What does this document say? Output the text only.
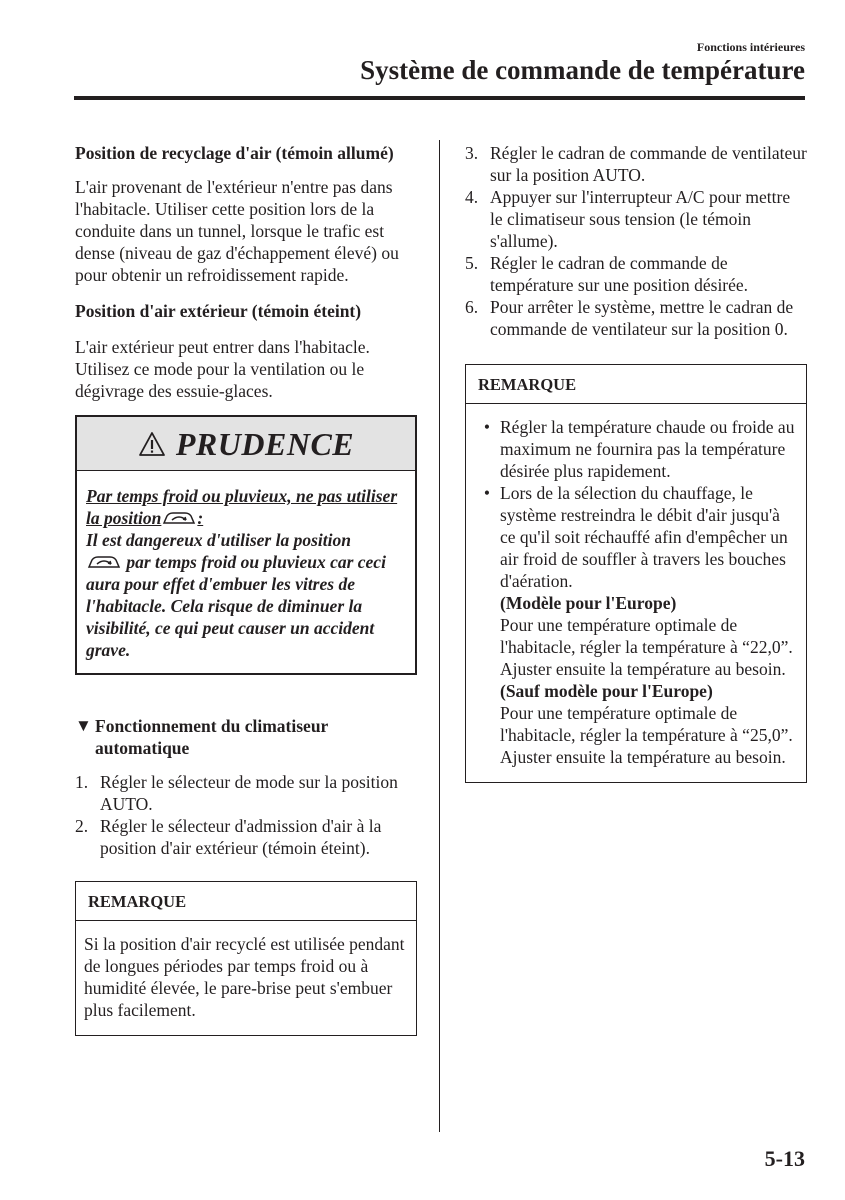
Fonctions intérieures
Système de commande de température

Position de recyclage d'air (témoin allumé)

L'air provenant de l'extérieur n'entre pas dans l'habitacle. Utiliser cette position lors de la conduite dans un tunnel, lorsque le trafic est dense (niveau de gaz d'échappement élevé) ou pour obtenir un refroidissement rapide.

Position d'air extérieur (témoin éteint)

L'air extérieur peut entrer dans l'habitacle. Utilisez ce mode pour la ventilation ou le dégivrage des essuie-glaces.

PRUDENCE

Par temps froid ou pluvieux, ne pas utiliser la position :

Il est dangereux d'utiliser la position
par temps froid ou pluvieux car ceci aura pour effet d'embuer les vitres de l'habitacle. Cela risque de diminuer la visibilité, ce qui peut causer un accident grave.

▼ Fonctionnement du climatiseur automatique
1. Régler le sélecteur de mode sur la position AUTO.
2. Régler le sélecteur d'admission d'air à la position d'air extérieur (témoin éteint).
REMARQUE
Si la position d'air recyclé est utilisée pendant de longues périodes par temps froid ou à humidité élevée, le pare-brise peut s'embuer plus facilement.
3. Régler le cadran de commande de ventilateur sur la position AUTO.
4. Appuyer sur l'interrupteur A/C pour mettre le climatiseur sous tension (le témoin s'allume).
5. Régler le cadran de commande de température sur une position désirée.
6. Pour arrêter le système, mettre le cadran de commande de ventilateur sur la position 0.
REMARQUE
• Régler la température chaude ou froide au maximum ne fournira pas la température désirée plus rapidement.
• Lors de la sélection du chauffage, le système restreindra le débit d'air jusqu'à ce qu'il soit réchauffé afin d'empêcher un air froid de souffler à travers les bouches d'aération.

(Modèle pour l'Europe)

Pour une température optimale de l'habitacle, régler la température à “22,0”. Ajuster ensuite la température au besoin.

(Sauf modèle pour l'Europe)

Pour une température optimale de l'habitacle, régler la température à “25,0”. Ajuster ensuite la température au besoin.

5-13
